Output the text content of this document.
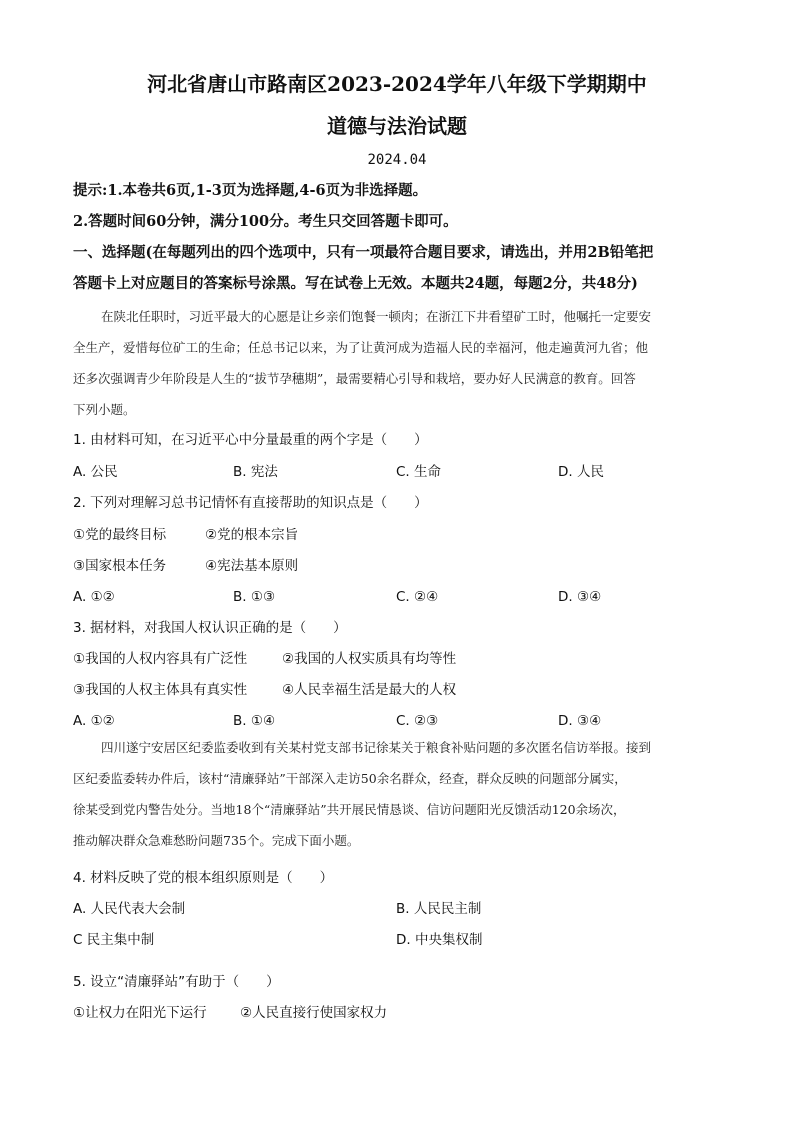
河北省唐山市路南区2023-2024学年八年级下学期期中
道德与法治试题
2024.04
提示:1.本卷共6页,1-3页为选择题,4-6页为非选择题。
2.答题时间60分钟，满分100分。考生只交回答题卡即可。
一、选择题(在每题列出的四个选项中，只有一项最符合题目要求，请选出，并用2B铅笔把
答题卡上对应题目的答案标号涂黑。写在试卷上无效。本题共24题，每题2分，共48分)
在陕北任职时，习近平最大的心愿是让乡亲们饱餐一顿肉；在浙江下井看望矿工时，他嘱托一定要安
全生产，爱惜每位矿工的生命；任总书记以来，为了让黄河成为造福人民的幸福河，他走遍黄河九省；他
还多次强调青少年阶段是人生的“拔节孕穗期”，最需要精心引导和栽培，要办好人民满意的教育。回答
下列小题。
1. 由材料可知，在习近平心中分量最重的两个字是（　　）
A. 公民	B. 宪法	C. 生命	D. 人民
2. 下列对理解习总书记情怀有直接帮助的知识点是（　　）
①党的最终目标	②党的根本宗旨
③国家根本任务	④宪法基本原则
A. ①②	B. ①③	C. ②④	D. ③④
3. 据材料，对我国人权认识正确的是（　　）
①我国的人权内容具有广泛性	②我国的人权实质具有均等性
③我国的人权主体具有真实性	④人民幸福生活是最大的人权
A. ①②	B. ①④	C. ②③	D. ③④
四川遂宁安居区纪委监委收到有关某村党支部书记徐某关于粮食补贴问题的多次匿名信访举报。接到
区纪委监委转办件后，该村“清廉驿站”干部深入走访50余名群众，经查，群众反映的问题部分属实，
徐某受到党内警告处分。当地18个“清廉驿站”共开展民情恳谈、信访问题阳光反馈活动120余场次，
推动解决群众急难愁盼问题735个。完成下面小题。
4. 材料反映了党的根本组织原则是（　　）
A. 人民代表大会制	B. 人民民主制
C 民主集中制	D. 中央集权制
5. 设立“清廉驿站”有助于（　　）
①让权力在阳光下运行 ②人民直接行使国家权力
